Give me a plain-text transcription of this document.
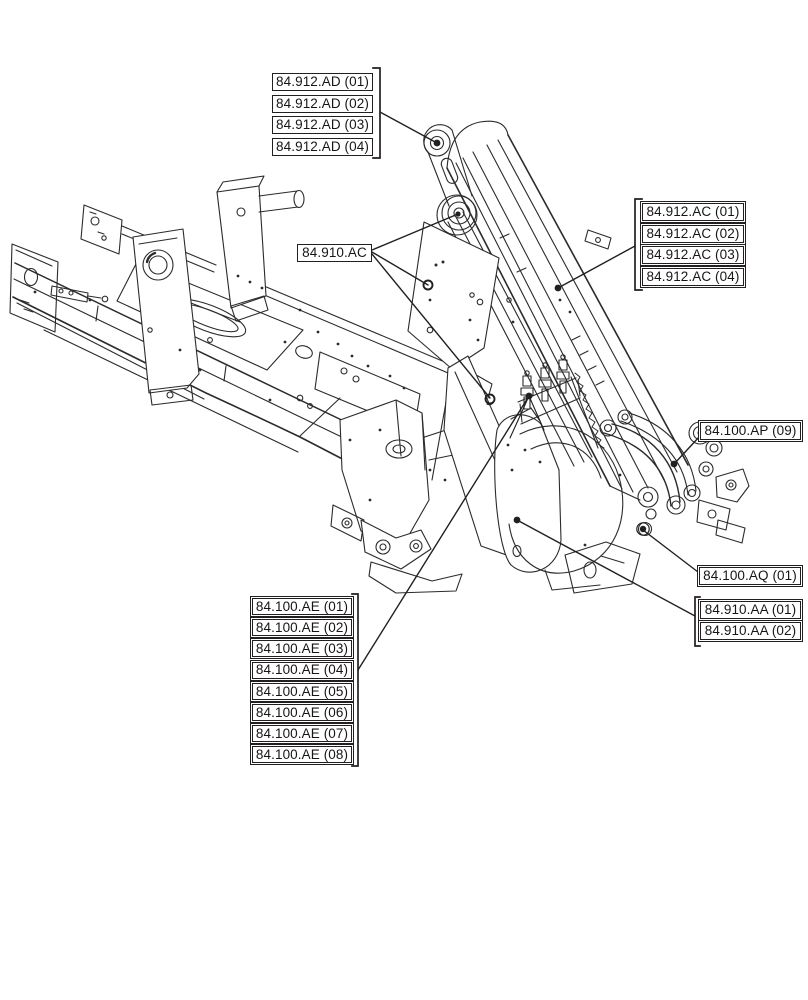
84.912.AD (01)
84.912.AD (02)
84.912.AD (03)
84.912.AD (04)
84.910.AC
84.912.AC (01)
84.912.AC (02)
84.912.AC (03)
84.912.AC (04)
84.100.AP (09)
84.100.AQ (01)
84.910.AA (01)
84.910.AA (02)
84.100.AE (01)
84.100.AE (02)
84.100.AE (03)
84.100.AE (04)
84.100.AE (05)
84.100.AE (06)
84.100.AE (07)
84.100.AE (08)
